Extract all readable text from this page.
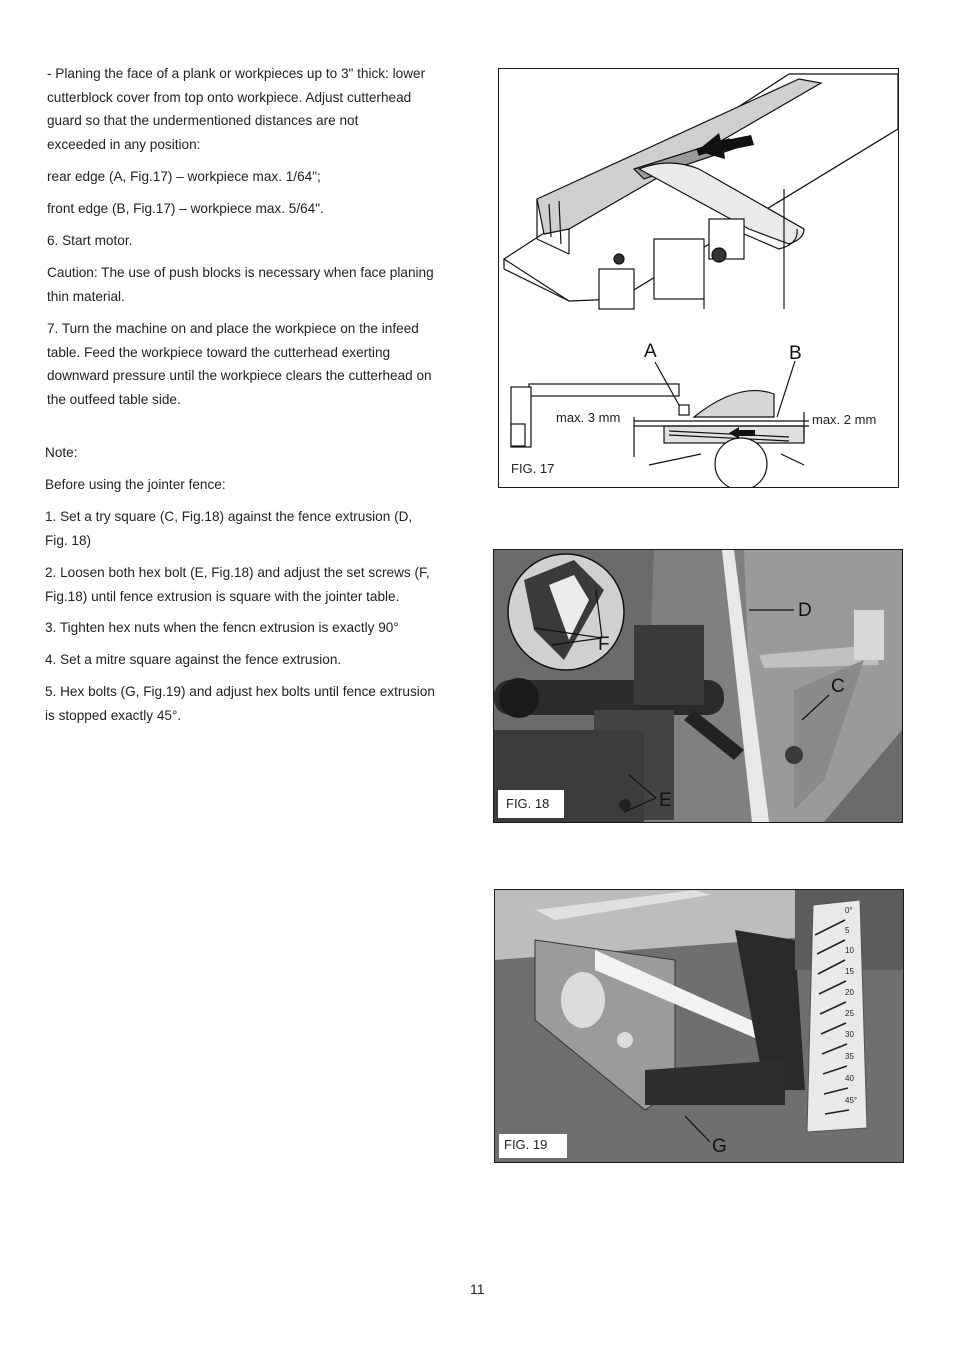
- Planing the face of a plank or workpieces up to 3" thick: lower
cutterblock cover from top onto workpiece. Adjust cutterhead
guard so that the undermentioned distances are not
exceeded in any position:
rear edge (A, Fig.17) – workpiece max. 1/64";
front edge (B, Fig.17) – workpiece max. 5/64".
6. Start motor.
Caution: The use of push blocks is necessary when face planing
thin material.
7. Turn the machine on and place the workpiece on the infeed
table. Feed the workpiece toward the cutterhead exerting
downward pressure until the workpiece clears the cutterhead on
the outfeed table side.
Note:
Before using the jointer fence:
1. Set a try square (C, Fig.18) against the fence extrusion (D,
Fig. 18)
2. Loosen both hex bolt (E, Fig.18) and adjust the set screws (F,
Fig.18) until fence extrusion is square with the jointer table.
3. Tighten hex nuts when the fencn extrusion is exactly 90°
4. Set a mitre square against the fence extrusion.
5. Hex bolts (G, Fig.19) and adjust hex bolts until fence extrusion
is stopped exactly 45°.
A	B
max. 3 mm	max. 2 mm
FIG. 17
D
C
E
F
FIG. 18
0°
5
10
15
20
25
30
35
40
45°
G
FIG. 19
11
